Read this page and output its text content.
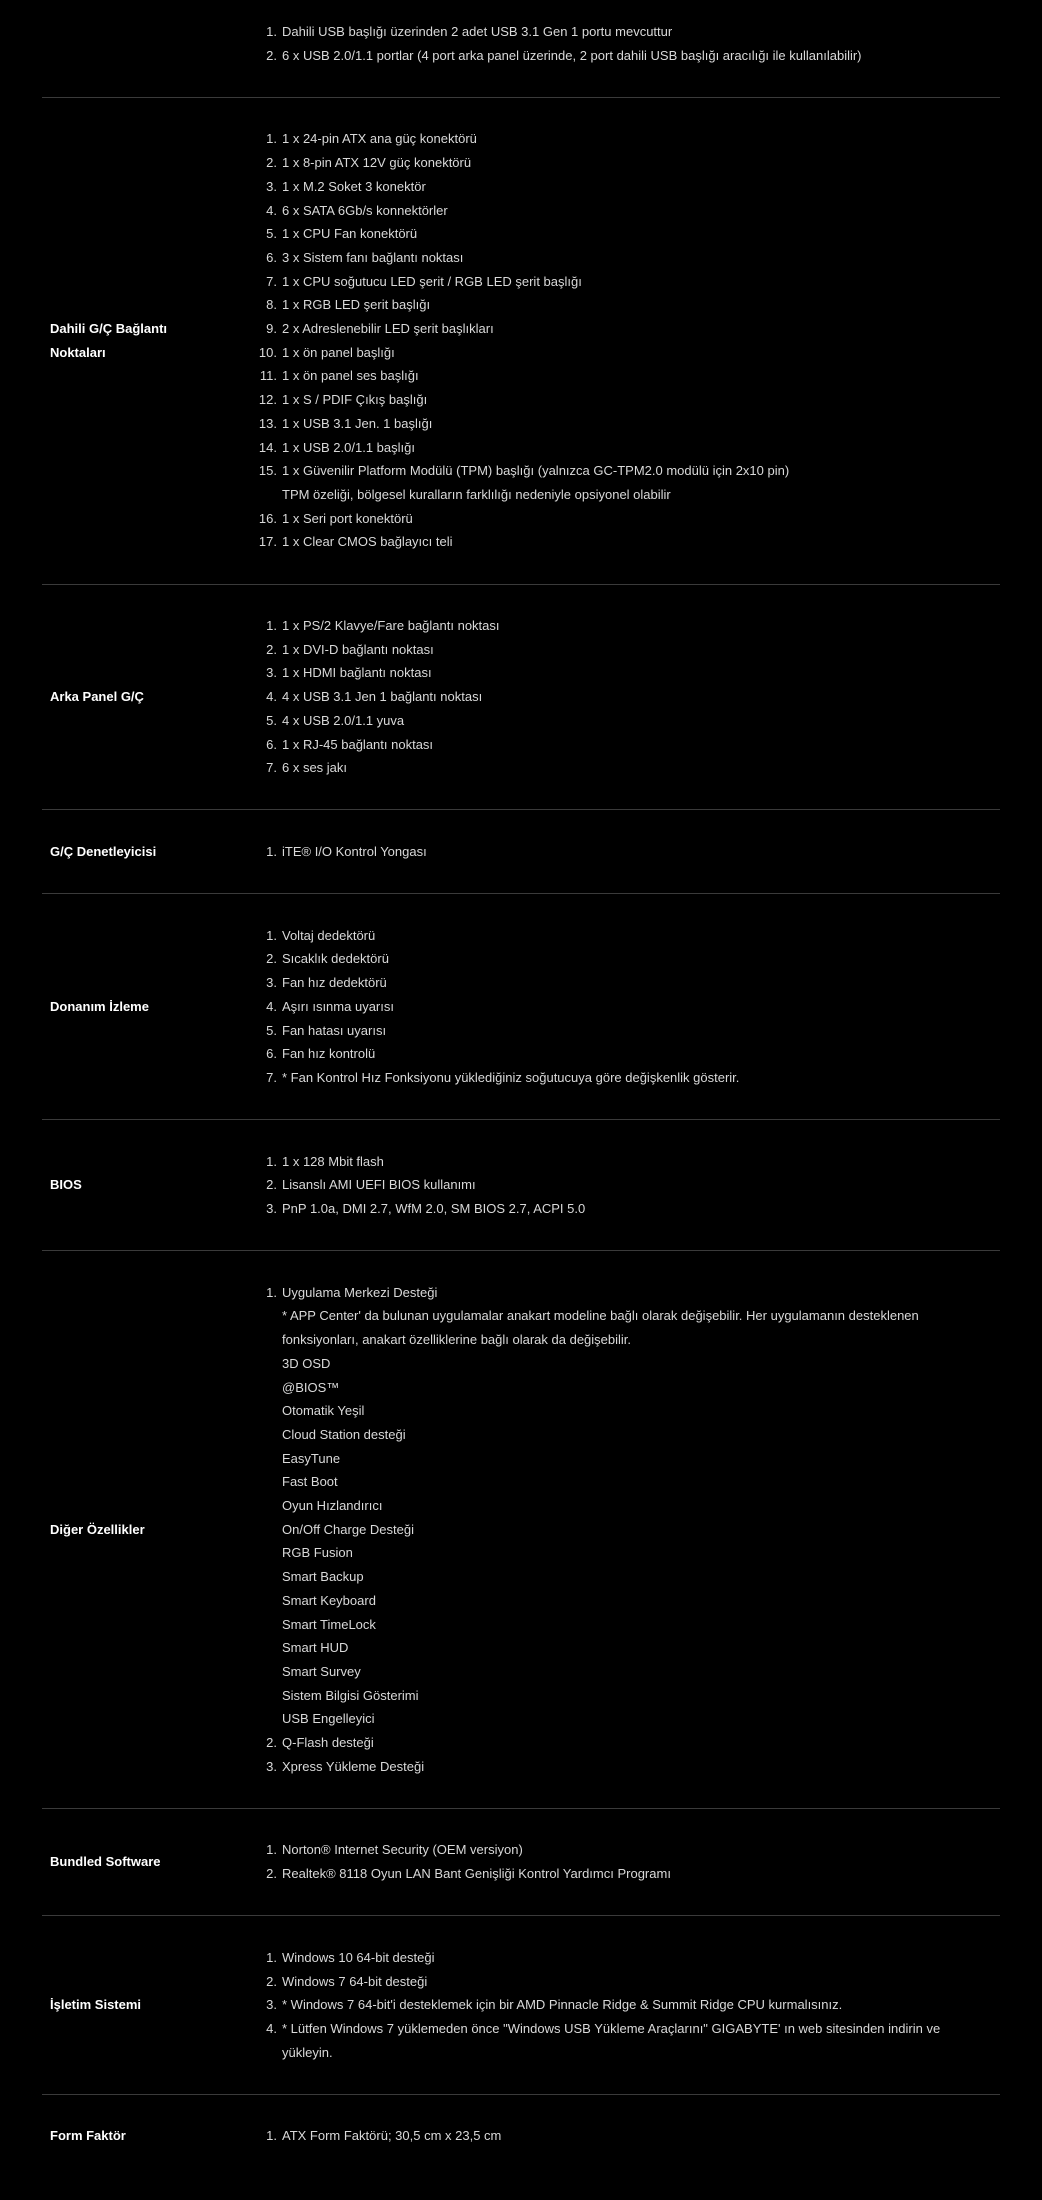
1. Dahili USB başlığı üzerinden 2 adet USB 3.1 Gen 1 portu mevcuttur
2. 6 x USB 2.0/1.1 portlar (4 port arka panel üzerinde, 2 port dahili USB başlığı aracılığı ile kullanılabilir)
Dahili G/Ç Bağlantı Noktaları
1. 1 x 24-pin ATX ana güç konektörü
2. 1 x 8-pin ATX 12V güç konektörü
3. 1 x M.2 Soket 3 konektör
4. 6 x SATA 6Gb/s konnektörler
5. 1 x CPU Fan konektörü
6. 3 x Sistem fanı bağlantı noktası
7. 1 x CPU soğutucu LED şerit / RGB LED şerit başlığı
8. 1 x RGB LED şerit başlığı
9. 2 x Adreslenebilir LED şerit başlıkları
10. 1 x ön panel başlığı
11. 1 x ön panel ses başlığı
12. 1 x S / PDIF Çıkış başlığı
13. 1 x USB 3.1 Jen. 1 başlığı
14. 1 x USB 2.0/1.1 başlığı
15. 1 x Güvenilir Platform Modülü (TPM) başlığı (yalnızca GC-TPM2.0 modülü için 2x10 pin)
TPM özeliği, bölgesel kuralların farklılığı nedeniyle opsiyonel olabilir
16. 1 x Seri port konektörü
17. 1 x Clear CMOS bağlayıcı teli
Arka Panel G/Ç
1. 1 x PS/2 Klavye/Fare bağlantı noktası
2. 1 x DVI-D bağlantı noktası
3. 1 x HDMI bağlantı noktası
4. 4 x USB 3.1 Jen 1 bağlantı noktası
5. 4 x USB 2.0/1.1 yuva
6. 1 x RJ-45 bağlantı noktası
7. 6 x ses jakı
G/Ç Denetleyicisi	1. iTE® I/O Kontrol Yongası
Donanım İzleme
1. Voltaj dedektörü
2. Sıcaklık dedektörü
3. Fan hız dedektörü
4. Aşırı ısınma uyarısı
5. Fan hatası uyarısı
6. Fan hız kontrolü
7. * Fan Kontrol Hız Fonksiyonu yüklediğiniz soğutucuya göre değişkenlik gösterir.
BIOS
1. 1 x 128 Mbit flash
2. Lisanslı AMI UEFI BIOS kullanımı
3. PnP 1.0a, DMI 2.7, WfM 2.0, SM BIOS 2.7, ACPI 5.0
Diğer Özellikler
1. Uygulama Merkezi Desteği
* APP Center' da bulunan uygulamalar anakart modeline bağlı olarak değişebilir. Her uygulamanın desteklenen
fonksiyonları, anakart özelliklerine bağlı olarak da değişebilir.
3D OSD
@BIOS™
Otomatik Yeşil
Cloud Station desteği
EasyTune
Fast Boot
Oyun Hızlandırıcı
On/Off Charge Desteği
RGB Fusion
Smart Backup
Smart Keyboard
Smart TimeLock
Smart HUD
Smart Survey
Sistem Bilgisi Gösterimi
USB Engelleyici
2. Q-Flash desteği
3. Xpress Yükleme Desteği
Bundled Software
1. Norton® Internet Security (OEM versiyon)
2. Realtek® 8118 Oyun LAN Bant Genişliği Kontrol Yardımcı Programı
İşletim Sistemi
1. Windows 10 64-bit desteği
2. Windows 7 64-bit desteği
3. * Windows 7 64-bit'i desteklemek için bir AMD Pinnacle Ridge & Summit Ridge CPU kurmalısınız.
4. * Lütfen Windows 7 yüklemeden önce "Windows USB Yükleme Araçlarını" GIGABYTE' ın web sitesinden indirin ve
yükleyin.
Form Faktör	1. ATX Form Faktörü; 30,5 cm x 23,5 cm
